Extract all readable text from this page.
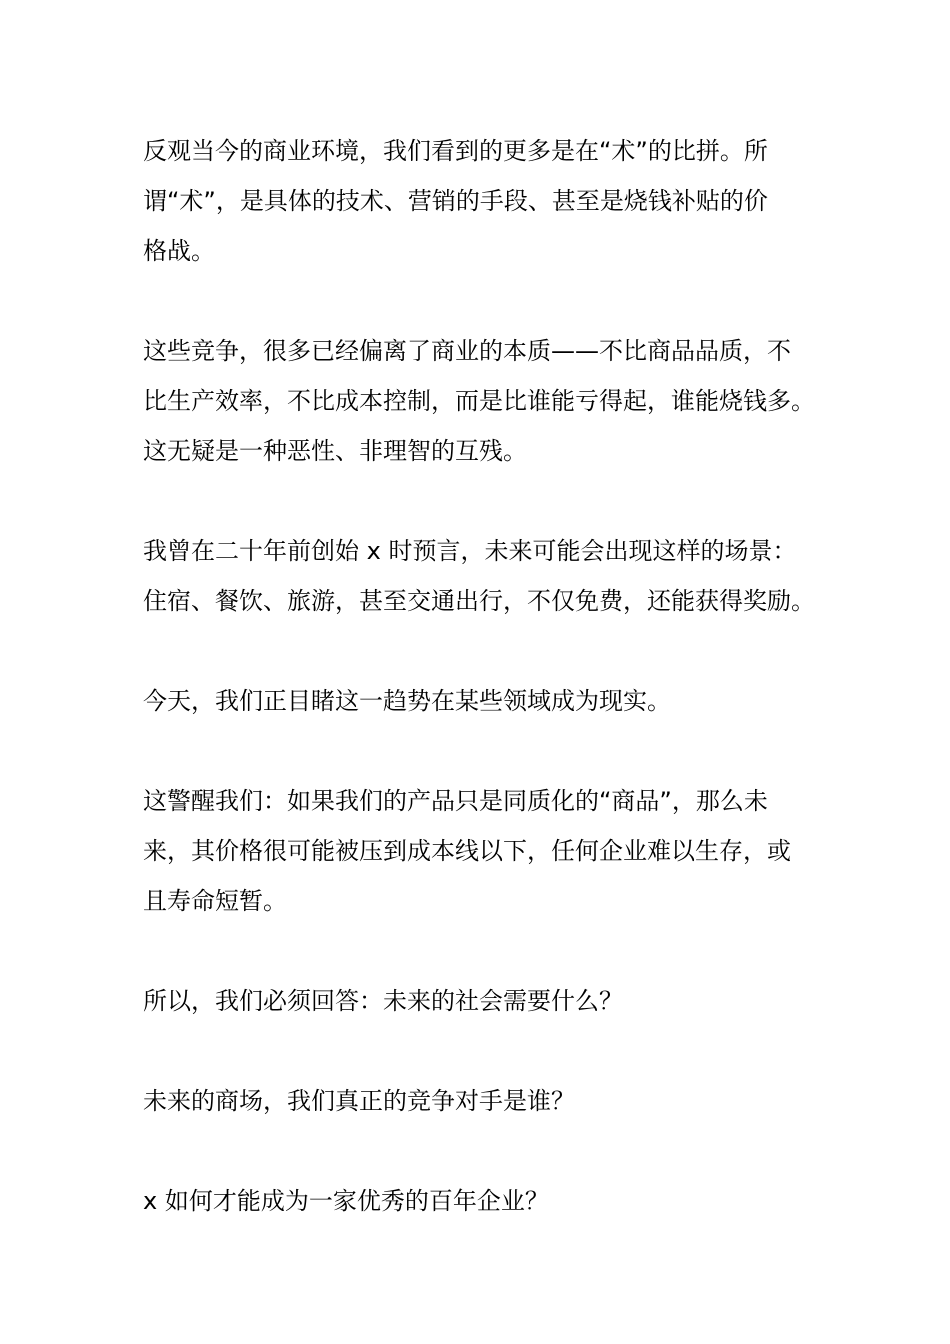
反观当今的商业环境，我们看到的更多是在“术”的比拼。所
谓“术”，是具体的技术、营销的手段、甚至是烧钱补贴的价
格战。
这些竞争，很多已经偏离了商业的本质——不比商品品质，不
比生产效率，不比成本控制，而是比谁能亏得起，谁能烧钱多。
这无疑是一种恶性、非理智的互残。
我曾在二十年前创始 x 时预言，未来可能会出现这样的场景：
住宿、餐饮、旅游，甚至交通出行，不仅免费，还能获得奖励。
今天，我们正目睹这一趋势在某些领域成为现实。
这警醒我们：如果我们的产品只是同质化的“商品”，那么未
来，其价格很可能被压到成本线以下，任何企业难以生存，或
且寿命短暂。
所以，我们必须回答：未来的社会需要什么？
未来的商场，我们真正的竞争对手是谁？
x 如何才能成为一家优秀的百年企业？
